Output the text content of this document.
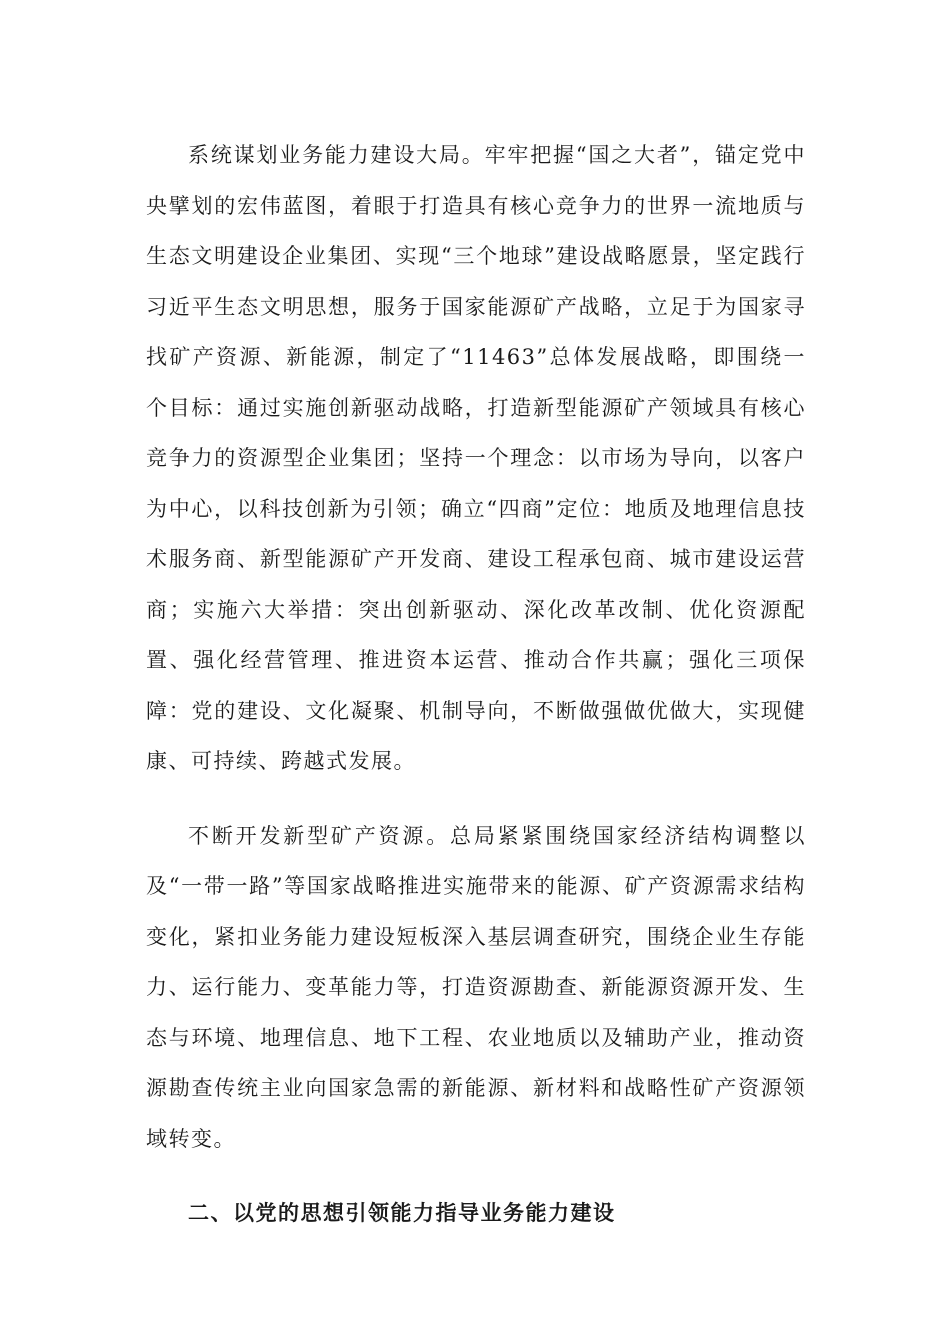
系统谋划业务能力建设大局。牢牢把握“国之大者”，锚定党中央擘划的宏伟蓝图，着眼于打造具有核心竞争力的世界一流地质与生态文明建设企业集团、实现“三个地球”建设战略愿景，坚定践行习近平生态文明思想，服务于国家能源矿产战略，立足于为国家寻找矿产资源、新能源，制定了“11463”总体发展战略，即围绕一个目标：通过实施创新驱动战略，打造新型能源矿产领域具有核心竞争力的资源型企业集团；坚持一个理念：以市场为导向，以客户为中心，以科技创新为引领；确立“四商”定位：地质及地理信息技术服务商、新型能源矿产开发商、建设工程承包商、城市建设运营商；实施六大举措：突出创新驱动、深化改革改制、优化资源配置、强化经营管理、推进资本运营、推动合作共赢；强化三项保障：党的建设、文化凝聚、机制导向，不断做强做优做大，实现健康、可持续、跨越式发展。

不断开发新型矿产资源。总局紧紧围绕国家经济结构调整以及“一带一路”等国家战略推进实施带来的能源、矿产资源需求结构变化，紧扣业务能力建设短板深入基层调查研究，围绕企业生存能力、运行能力、变革能力等，打造资源勘查、新能源资源开发、生态与环境、地理信息、地下工程、农业地质以及辅助产业，推动资源勘查传统主业向国家急需的新能源、新材料和战略性矿产资源领域转变。

二、以党的思想引领能力指导业务能力建设
